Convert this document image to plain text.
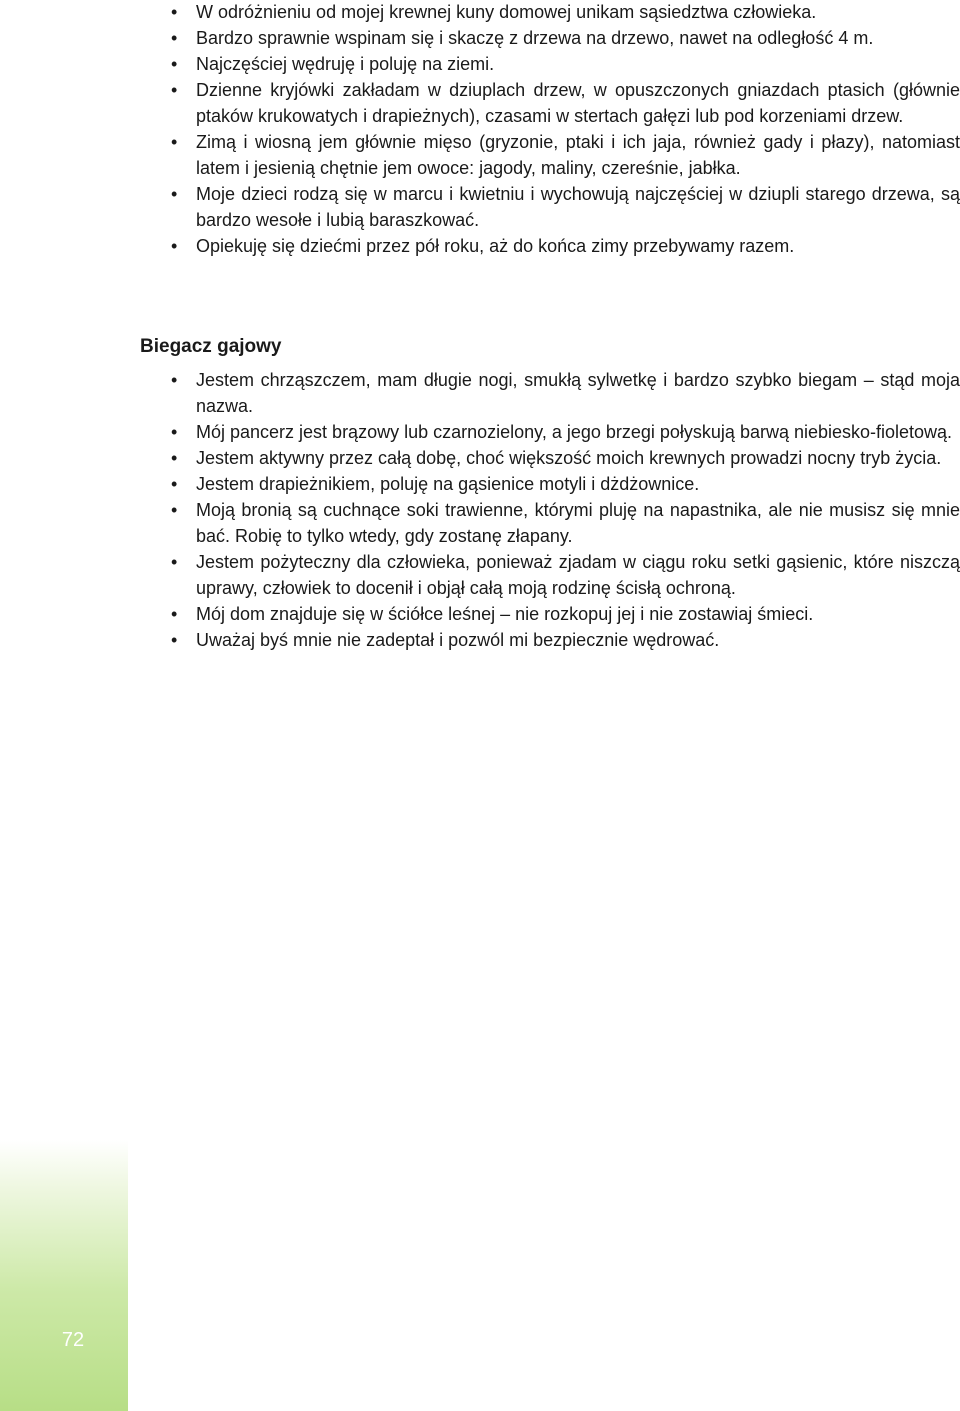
• W odróżnieniu od mojej krewnej kuny domowej unikam sąsiedztwa człowieka.
• Bardzo sprawnie wspinam się i skaczę z drzewa na drzewo, nawet na odległość 4 m.
• Najczęściej wędruję i poluję na ziemi.
• Dzienne kryjówki zakładam w dziuplach drzew, w opuszczonych gniazdach ptasich (głównie ptaków krukowatych i drapieżnych), czasami w stertach gałęzi lub pod korzeniami drzew.
• Zimą i wiosną jem głównie mięso (gryzonie, ptaki i ich jaja, również gady i płazy), natomiast latem i jesienią chętnie jem owoce: jagody, maliny, czereśnie, jabłka.
• Moje dzieci rodzą się w marcu i kwietniu i wychowują najczęściej w dziupli starego drzewa, są bardzo wesołe i lubią baraszkować.
• Opiekuję się dziećmi przez pół roku, aż do końca zimy przebywamy razem.
Biegacz gajowy
• Jestem chrząszczem, mam długie nogi, smukłą sylwetkę i bardzo szybko biegam – stąd moja nazwa.
• Mój pancerz jest brązowy lub czarnozielony, a jego brzegi połyskują barwą niebiesko-fioletową.
• Jestem aktywny przez całą dobę, choć większość moich krewnych prowadzi nocny tryb życia.
• Jestem drapieżnikiem, poluję na gąsienice motyli i dżdżownice.
• Moją bronią są cuchnące soki trawienne, którymi pluję na napastnika, ale nie musisz się mnie bać. Robię to tylko wtedy, gdy zostanę złapany.
• Jestem pożyteczny dla człowieka, ponieważ zjadam w ciągu roku setki gąsienic, które niszczą uprawy, człowiek to docenił i objął całą moją rodzinę ścisłą ochroną.
• Mój dom znajduje się w ściółce leśnej – nie rozkopuj jej i nie zostawiaj śmieci.
• Uważaj byś mnie nie zadeptał i pozwól mi bezpiecznie wędrować.
72
